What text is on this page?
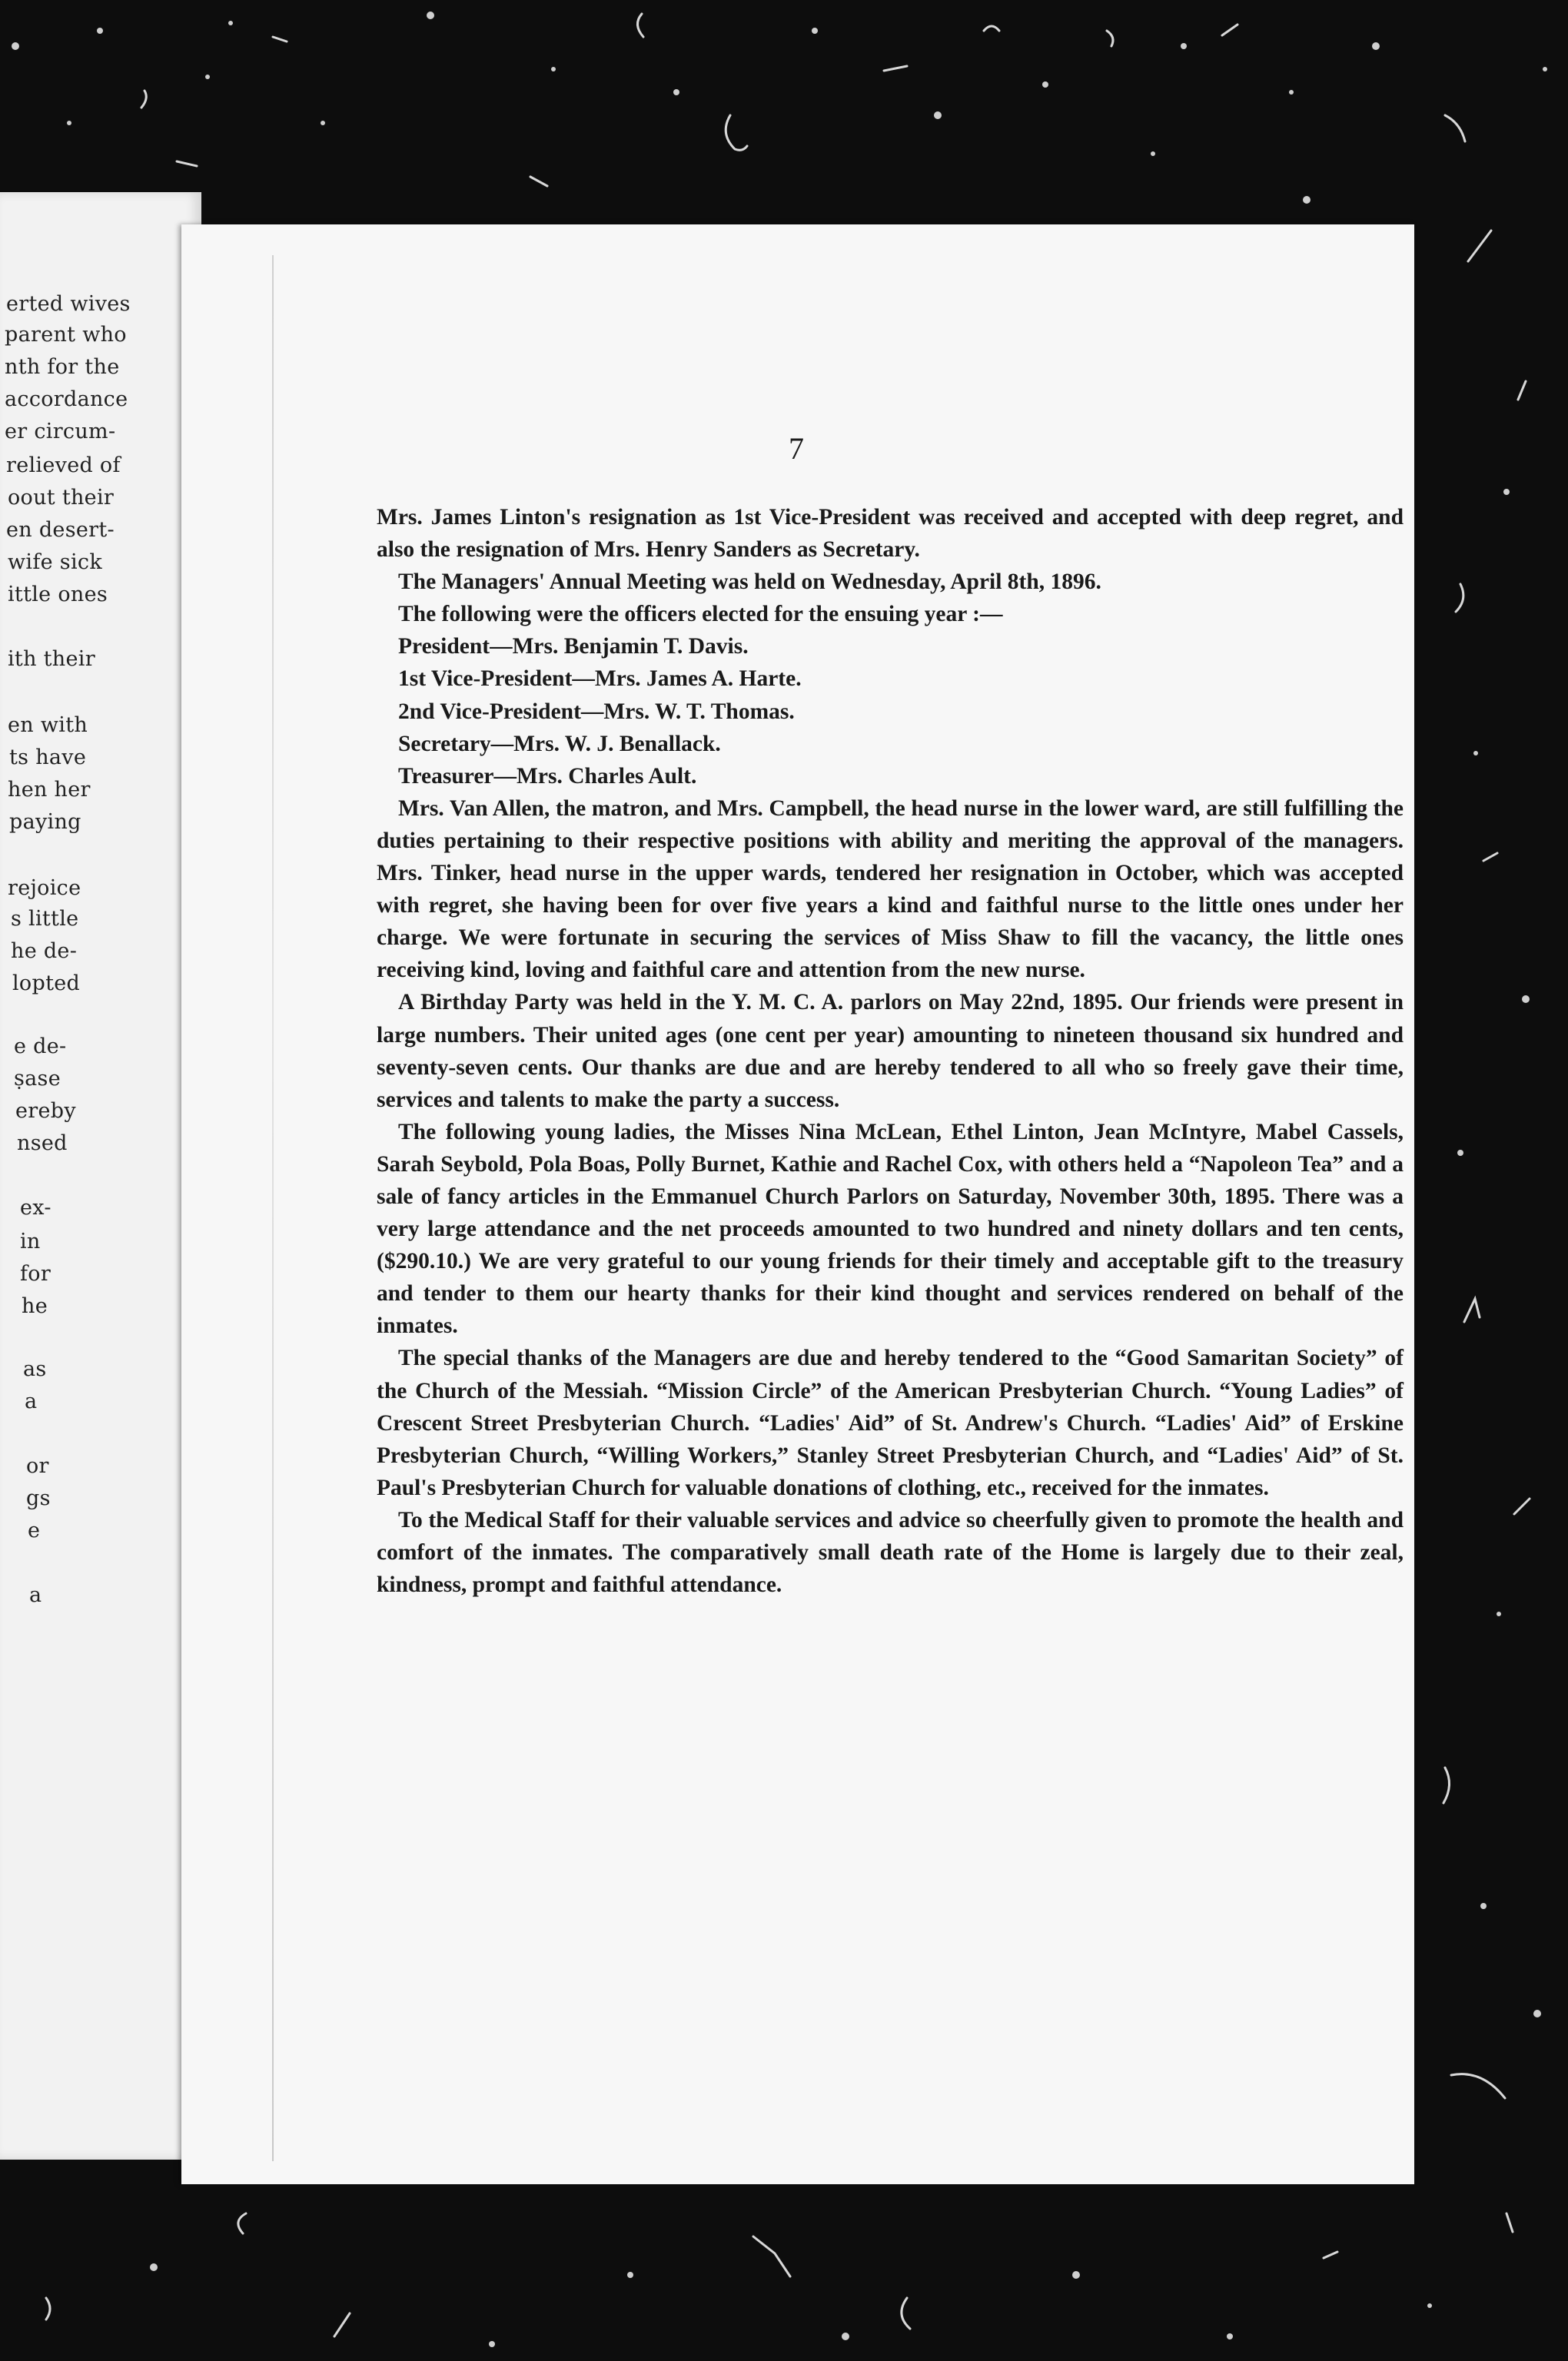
erted wives
parent who
nth for the
accordance
er circum-
relieved of
oout their
en desert-
wife sick
ittle ones
ith their
en with
ts have
hen her
paying
rejoice
s little
he de-
lopted
e de-
ṣase
ereby
nsed
ex-
in
for
he
as
a
or
gs
e
a
7

Mrs. James Linton's resignation as 1st Vice-President was received and accepted with deep regret, and also the resignation of Mrs. Henry Sanders as Secretary.

The Managers' Annual Meeting was held on Wednesday, April 8th, 1896.

The following were the officers elected for the ensuing year :—

President—Mrs. Benjamin T. Davis.

1st Vice-President—Mrs. James A. Harte.

2nd Vice-President—Mrs. W. T. Thomas.

Secretary—Mrs. W. J. Benallack.

Treasurer—Mrs. Charles Ault.

Mrs. Van Allen, the matron, and Mrs. Campbell, the head nurse in the lower ward, are still fulfilling the duties pertaining to their respective positions with ability and meriting the approval of the managers. Mrs. Tinker, head nurse in the upper wards, tendered her resignation in October, which was accepted with regret, she having been for over five years a kind and faithful nurse to the little ones under her charge. We were fortunate in securing the services of Miss Shaw to fill the vacancy, the little ones receiving kind, loving and faithful care and attention from the new nurse.

A Birthday Party was held in the Y. M. C. A. parlors on May 22nd, 1895. Our friends were present in large numbers. Their united ages (one cent per year) amounting to nineteen thousand six hundred and seventy-seven cents. Our thanks are due and are hereby tendered to all who so freely gave their time, services and talents to make the party a success.

The following young ladies, the Misses Nina McLean, Ethel Linton, Jean McIntyre, Mabel Cassels, Sarah Seybold, Pola Boas, Polly Burnet, Kathie and Rachel Cox, with others held a “Napoleon Tea” and a sale of fancy articles in the Emmanuel Church Parlors on Saturday, November 30th, 1895. There was a very large attendance and the net proceeds amounted to two hundred and ninety dollars and ten cents, ($290.10.) We are very grateful to our young friends for their timely and acceptable gift to the treasury and tender to them our hearty thanks for their kind thought and services rendered on behalf of the inmates.

The special thanks of the Managers are due and hereby tendered to the “Good Samaritan Society” of the Church of the Messiah. “Mission Circle” of the American Presbyterian Church. “Young Ladies” of Crescent Street Presbyterian Church. “Ladies' Aid” of St. Andrew's Church. “Ladies' Aid” of Erskine Presbyterian Church, “Willing Workers,” Stanley Street Presbyterian Church, and “Ladies' Aid” of St. Paul's Presbyterian Church for valuable donations of clothing, etc., received for the inmates.

To the Medical Staff for their valuable services and advice so cheerfully given to promote the health and comfort of the inmates. The comparatively small death rate of the Home is largely due to their zeal, kindness, prompt and faithful attendance.
